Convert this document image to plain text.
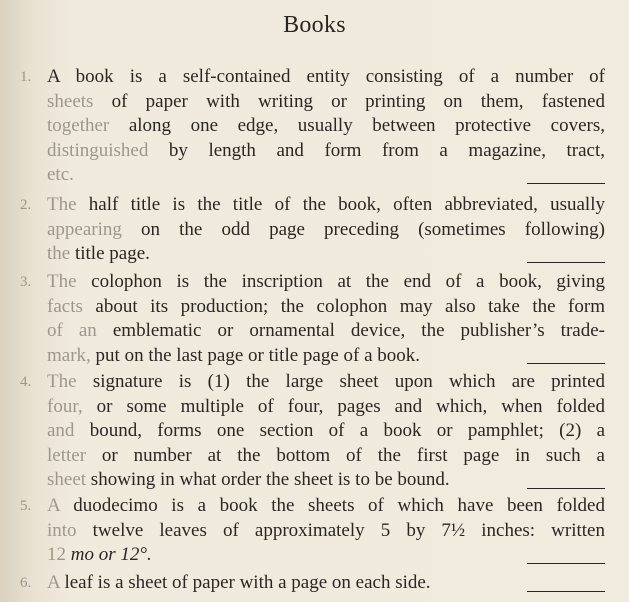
Books
1. A book is a self-contained entity consisting of a number of
sheets of paper with writing or printing on them, fastened
together along one edge, usually between protective covers,
distinguished by length and form from a magazine, tract,
etc.
2. The half title is the title of the book, often abbreviated, usually
appearing on the odd page preceding (sometimes following)
the title page.
3. The colophon is the inscription at the end of a book, giving
facts about its production; the colophon may also take the form
of an emblematic or ornamental device, the publisher’s trade-
mark, put on the last page or title page of a book.
4. The signature is (1) the large sheet upon which are printed
four, or some multiple of four, pages and which, when folded
and bound, forms one section of a book or pamphlet; (2) a
letter or number at the bottom of the first page in such a
sheet showing in what order the sheet is to be bound.
5. A duodecimo is a book the sheets of which have been folded
into twelve leaves of approximately 5 by 7½ inches: written
12 mo or 12°.
6. A leaf is a sheet of paper with a page on each side.
